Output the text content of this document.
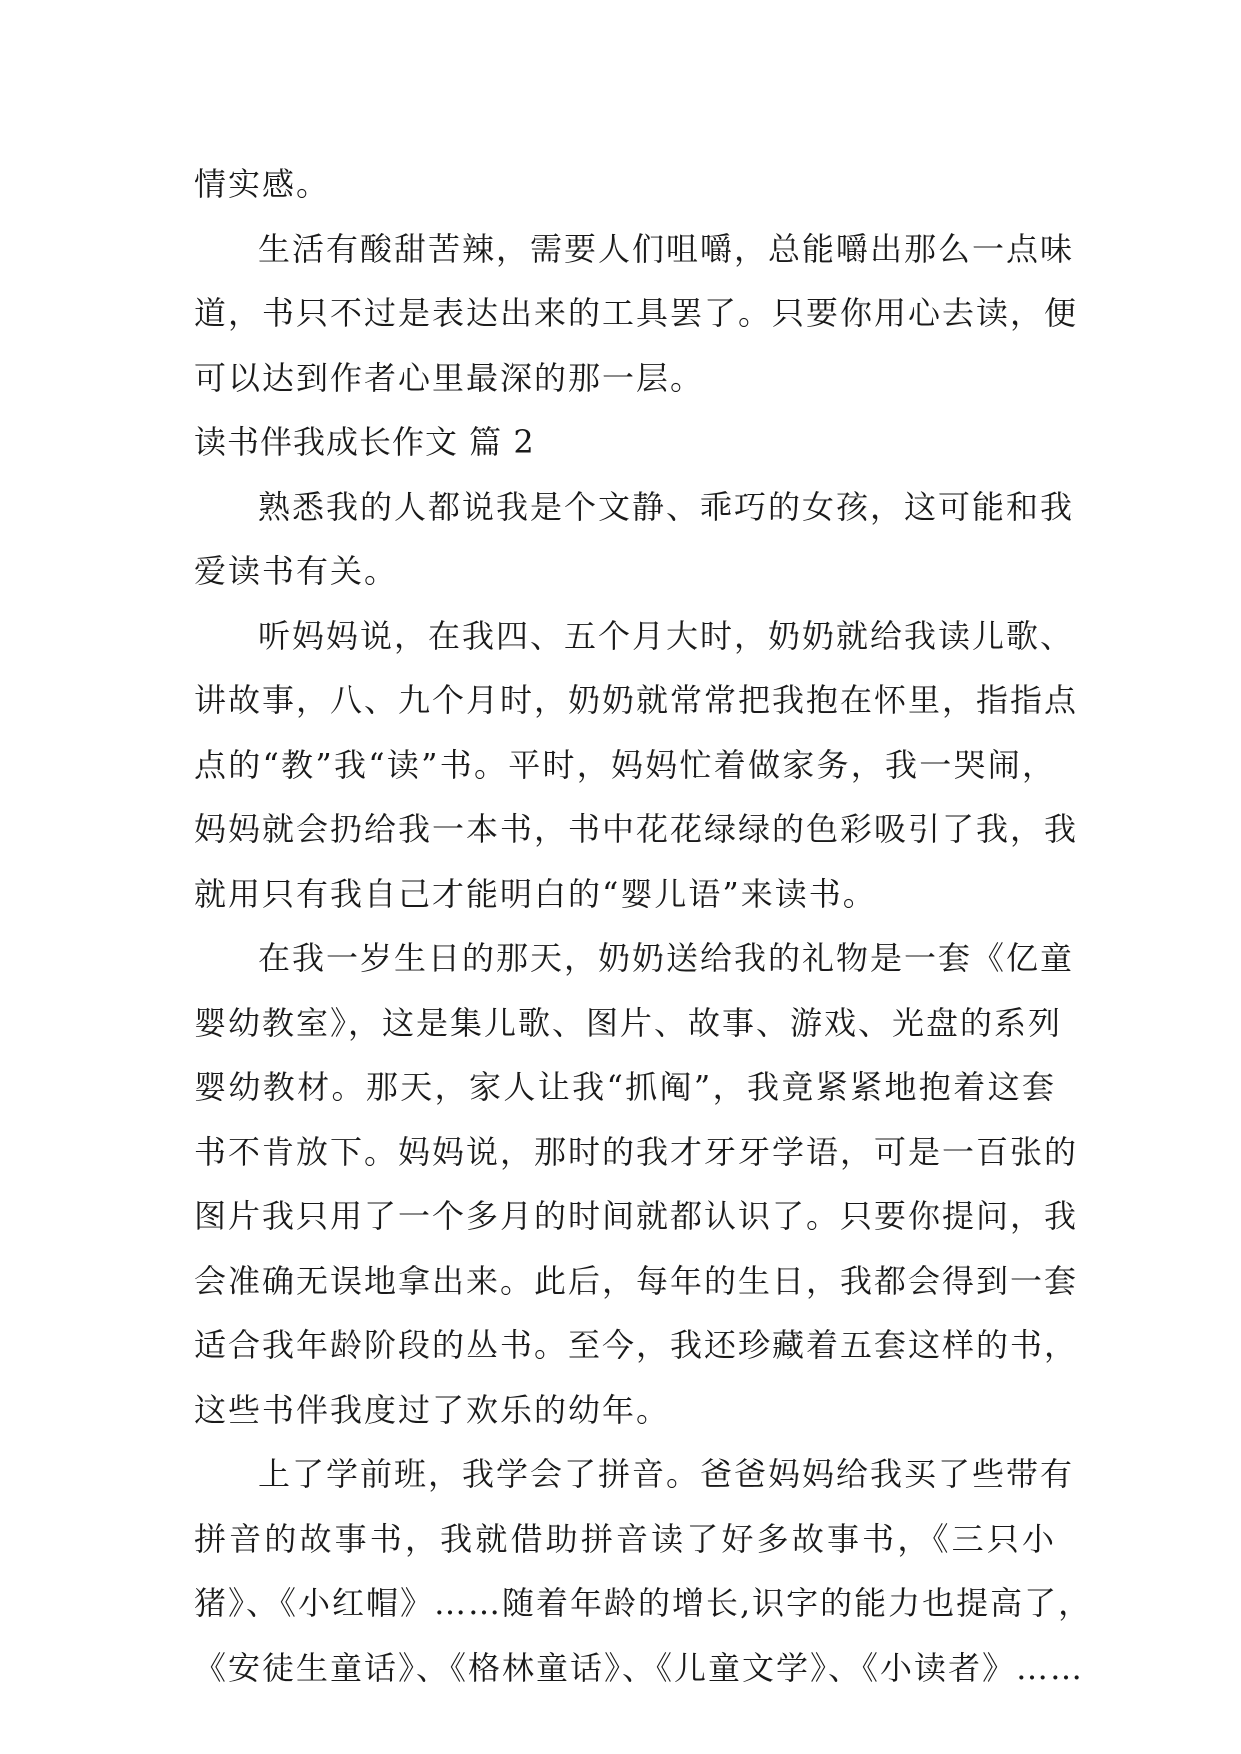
情实感。
生活有酸甜苦辣，需要人们咀嚼，总能嚼出那么一点味
道，书只不过是表达出来的工具罢了。只要你用心去读，便
可以达到作者心里最深的那一层。
读书伴我成长作文 篇 2
熟悉我的人都说我是个文静、乖巧的女孩，这可能和我
爱读书有关。
听妈妈说，在我四、五个月大时，奶奶就给我读儿歌、
讲故事，八、九个月时，奶奶就常常把我抱在怀里，指指点
点的“教”我“读”书。平时，妈妈忙着做家务，我一哭闹，
妈妈就会扔给我一本书，书中花花绿绿的色彩吸引了我，我
就用只有我自己才能明白的“婴儿语”来读书。
在我一岁生日的那天，奶奶送给我的礼物是一套《亿童
婴幼教室》，这是集儿歌、图片、故事、游戏、光盘的系列
婴幼教材。那天，家人让我“抓阄”，我竟紧紧地抱着这套
书不肯放下。妈妈说，那时的我才牙牙学语，可是一百张的
图片我只用了一个多月的时间就都认识了。只要你提问，我
会准确无误地拿出来。此后，每年的生日，我都会得到一套
适合我年龄阶段的丛书。至今，我还珍藏着五套这样的书，
这些书伴我度过了欢乐的幼年。
上了学前班，我学会了拼音。爸爸妈妈给我买了些带有
拼音的故事书，我就借助拼音读了好多故事书，《三只小
猪》、《小红帽》……随着年龄的增长,识字的能力也提高了，
《安徒生童话》、《格林童话》、《儿童文学》、《小读者》……
